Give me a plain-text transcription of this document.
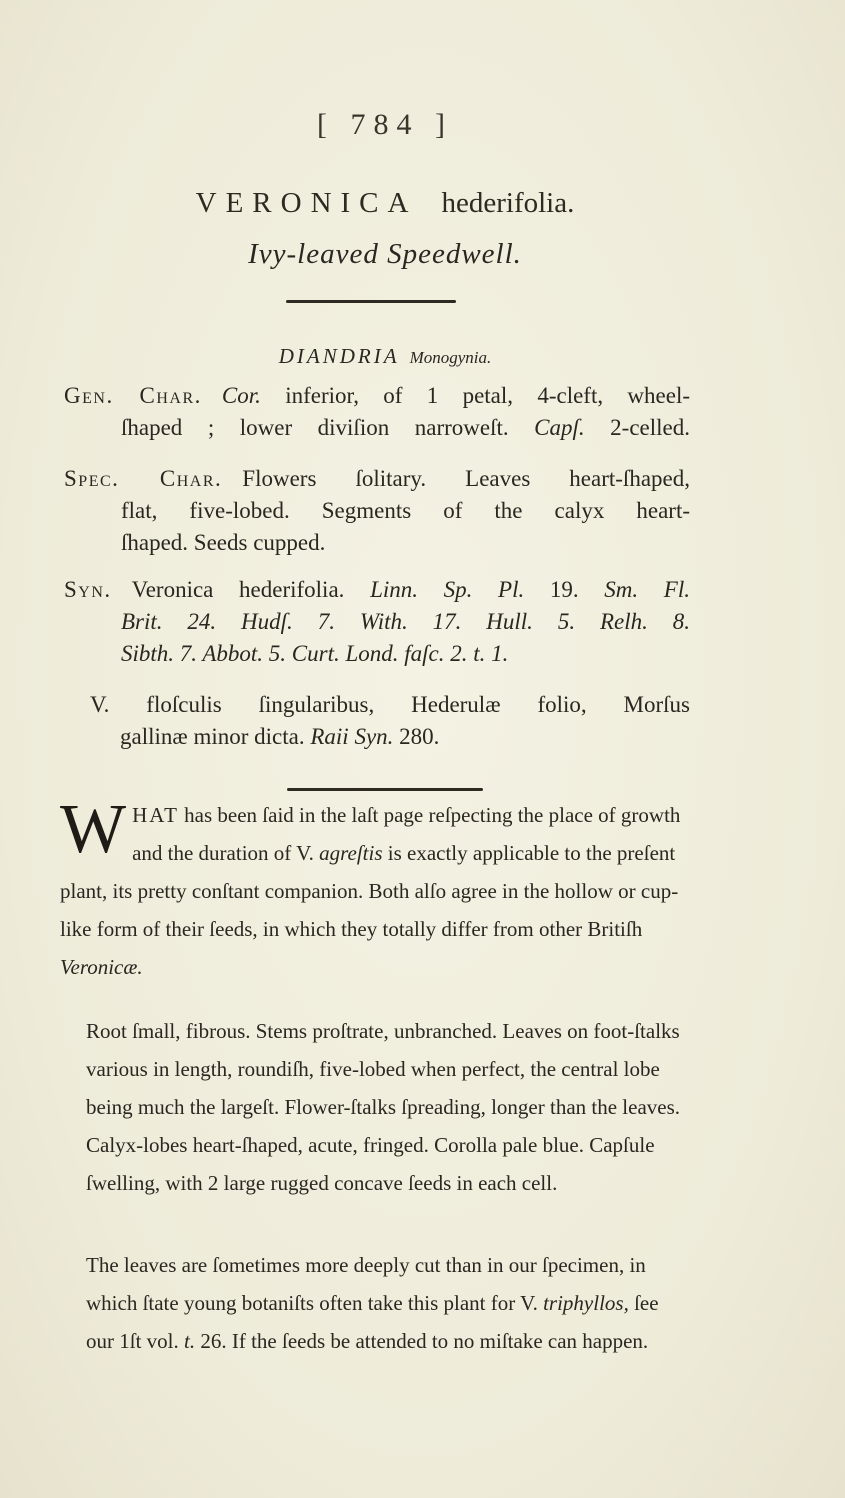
[ 784 ]
VERONICA hederifolia.
Ivy-leaved Speedwell.
DIANDRIA Monogynia.
Gen. Char. Cor. inferior, of 1 petal, 4-cleft, wheel-
ſhaped ; lower diviſion narroweſt. Capſ. 2-celled.
Spec. Char. Flowers ſolitary. Leaves heart-ſhaped,
flat, five-lobed. Segments of the calyx heart-
ſhaped. Seeds cupped.
Syn. Veronica hederifolia. Linn. Sp. Pl. 19. Sm. Fl.
Brit. 24. Hudſ. 7. With. 17. Hull. 5. Relh. 8.
Sibth. 7. Abbot. 5. Curt. Lond. faſc. 2. t. 1.
V. floſculis ſingularibus, Hederulæ folio, Morſus
gallinæ minor dicta. Raii Syn. 280.
WHAT has been ſaid in the laſt page reſpecting the place of growth and the duration of V. agreſtis is exactly applicable to the preſent plant, its pretty conſtant companion. Both alſo agree in the hollow or cup-like form of their ſeeds, in which they totally differ from other Britiſh Veronicæ.
Root ſmall, fibrous. Stems proſtrate, unbranched. Leaves on foot-ſtalks various in length, roundiſh, five-lobed when perfect, the central lobe being much the largeſt. Flower-ſtalks ſpreading, longer than the leaves. Calyx-lobes heart-ſhaped, acute, fringed. Corolla pale blue. Capſule ſwelling, with 2 large rugged concave ſeeds in each cell.
The leaves are ſometimes more deeply cut than in our ſpecimen, in which ſtate young botaniſts often take this plant for V. triphyllos, ſee our 1ſt vol. t. 26. If the ſeeds be attended to no miſtake can happen.
